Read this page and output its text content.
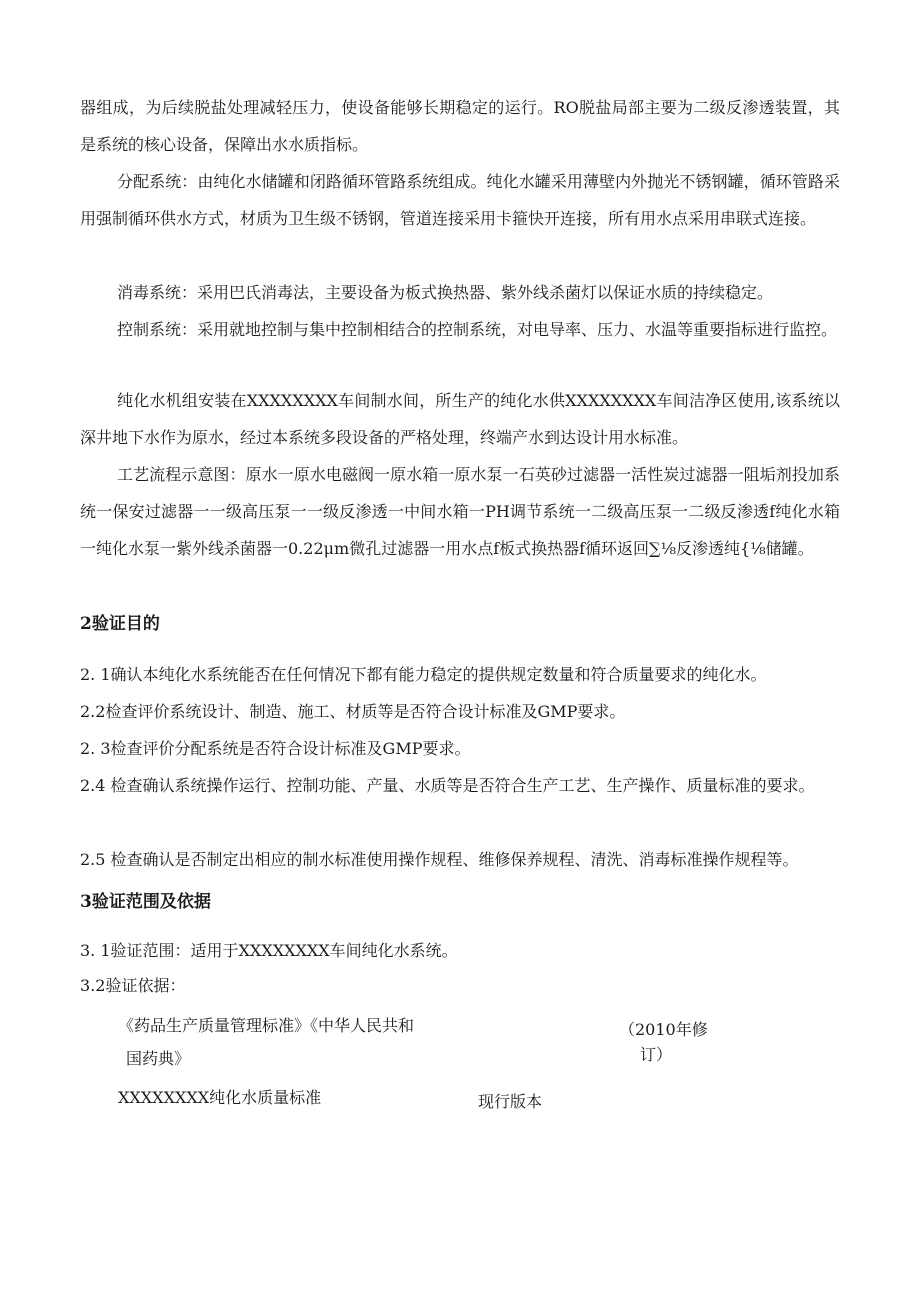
器组成，为后续脱盐处理减轻压力，使设备能够长期稳定的运行。RO脱盐局部主要为二级反渗透装置，其是系统的核心设备，保障出水水质指标。
分配系统：由纯化水储罐和闭路循环管路系统组成。纯化水罐采用薄壁内外抛光不锈钢罐，循环管路采用强制循环供水方式，材质为卫生级不锈钢，管道连接采用卡箍快开连接，所有用水点采用串联式连接。
消毒系统：采用巴氏消毒法，主要设备为板式换热器、紫外线杀菌灯以保证水质的持续稳定。
控制系统：采用就地控制与集中控制相结合的控制系统，对电导率、压力、水温等重要指标进行监控。
纯化水机组安装在XXXXXXXX车间制水间，所生产的纯化水供XXXXXXXX车间洁净区使用,该系统以深井地下水作为原水，经过本系统多段设备的严格处理，终端产水到达设计用水标准。
工艺流程示意图：原水一原水电磁阀一原水箱一原水泵一石英砂过滤器一活性炭过滤器一阻垢剂投加系统一保安过滤器一一级高压泵一一级反渗透一中间水箱一PH调节系统一二级高压泵一二级反渗透f纯化水箱一纯化水泵一紫外线杀菌器一0.22μm微孔过滤器一用水点f板式换热器f循环返回∑⅛反渗透纯{⅛储罐。
2验证目的
2. 1确认本纯化水系统能否在任何情况下都有能力稳定的提供规定数量和符合质量要求的纯化水。
2.2检查评价系统设计、制造、施工、材质等是否符合设计标准及GMP要求。
2. 3检查评价分配系统是否符合设计标准及GMP要求。
2.4 检查确认系统操作运行、控制功能、产量、水质等是否符合生产工艺、生产操作、质量标准的要求。
2.5 检查确认是否制定出相应的制水标准使用操作规程、维修保养规程、清洗、消毒标准操作规程等。
3验证范围及依据
3. 1验证范围：适用于XXXXXXXX车间纯化水系统。
3.2验证依据：
《药品生产质量管理标准》《中华人民共和
国药典》
（2010年修
订）
XXXXXXXX纯化水质量标准	现行版本
